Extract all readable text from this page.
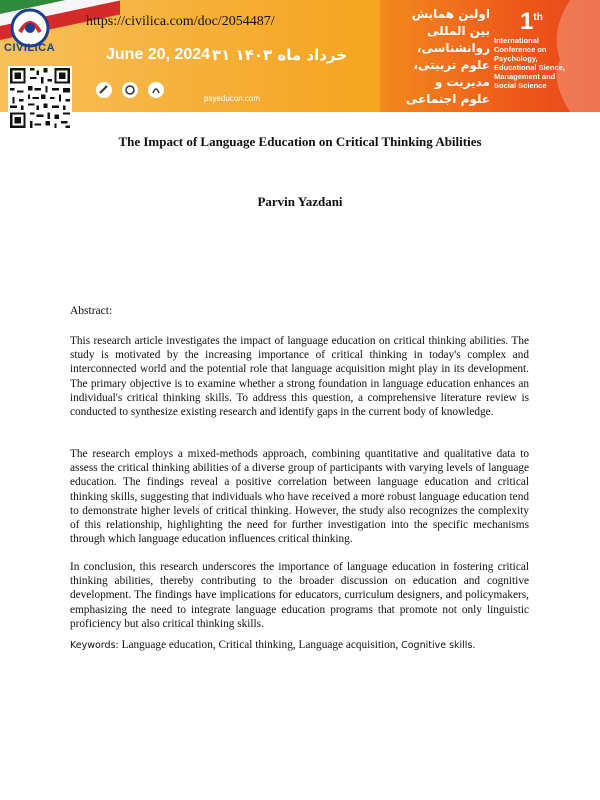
CIVILICA
https://civilica.com/doc/2054487/
June 20, 2024 ۳۱ خرداد ماه ۱۴۰۳
psyeducon.com
اولین همایش
بین المللی
روانشناسی،
علوم تربیتی،
مدیریت و
علوم اجتماعی
1th
International
Conference on
Psychology,
Educational Sience,
Management and
Social Science
The Impact of Language Education on Critical Thinking Abilities
Parvin Yazdani
Abstract:

This research article investigates the impact of language education on critical thinking abilities. The study is motivated by the increasing importance of critical thinking in today's complex and interconnected world and the potential role that language acquisition might play in its development. The primary objective is to examine whether a strong foundation in language education enhances an individual's critical thinking skills. To address this question, a comprehensive literature review is conducted to synthesize existing research and identify gaps in the current body of knowledge.

The research employs a mixed-methods approach, combining quantitative and qualitative data to assess the critical thinking abilities of a diverse group of participants with varying levels of language education. The findings reveal a positive correlation between language education and critical thinking skills, suggesting that individuals who have received a more robust language education tend to demonstrate higher levels of critical thinking. However, the study also recognizes the complexity of this relationship, highlighting the need for further investigation into the specific mechanisms through which language education influences critical thinking.

In conclusion, this research underscores the importance of language education in fostering critical thinking abilities, thereby contributing to the broader discussion on education and cognitive development. The findings have implications for educators, curriculum designers, and policymakers, emphasizing the need to integrate language education programs that promote not only linguistic proficiency but also critical thinking skills.

Keywords: Language education, Critical thinking, Language acquisition, Cognitive skills.
